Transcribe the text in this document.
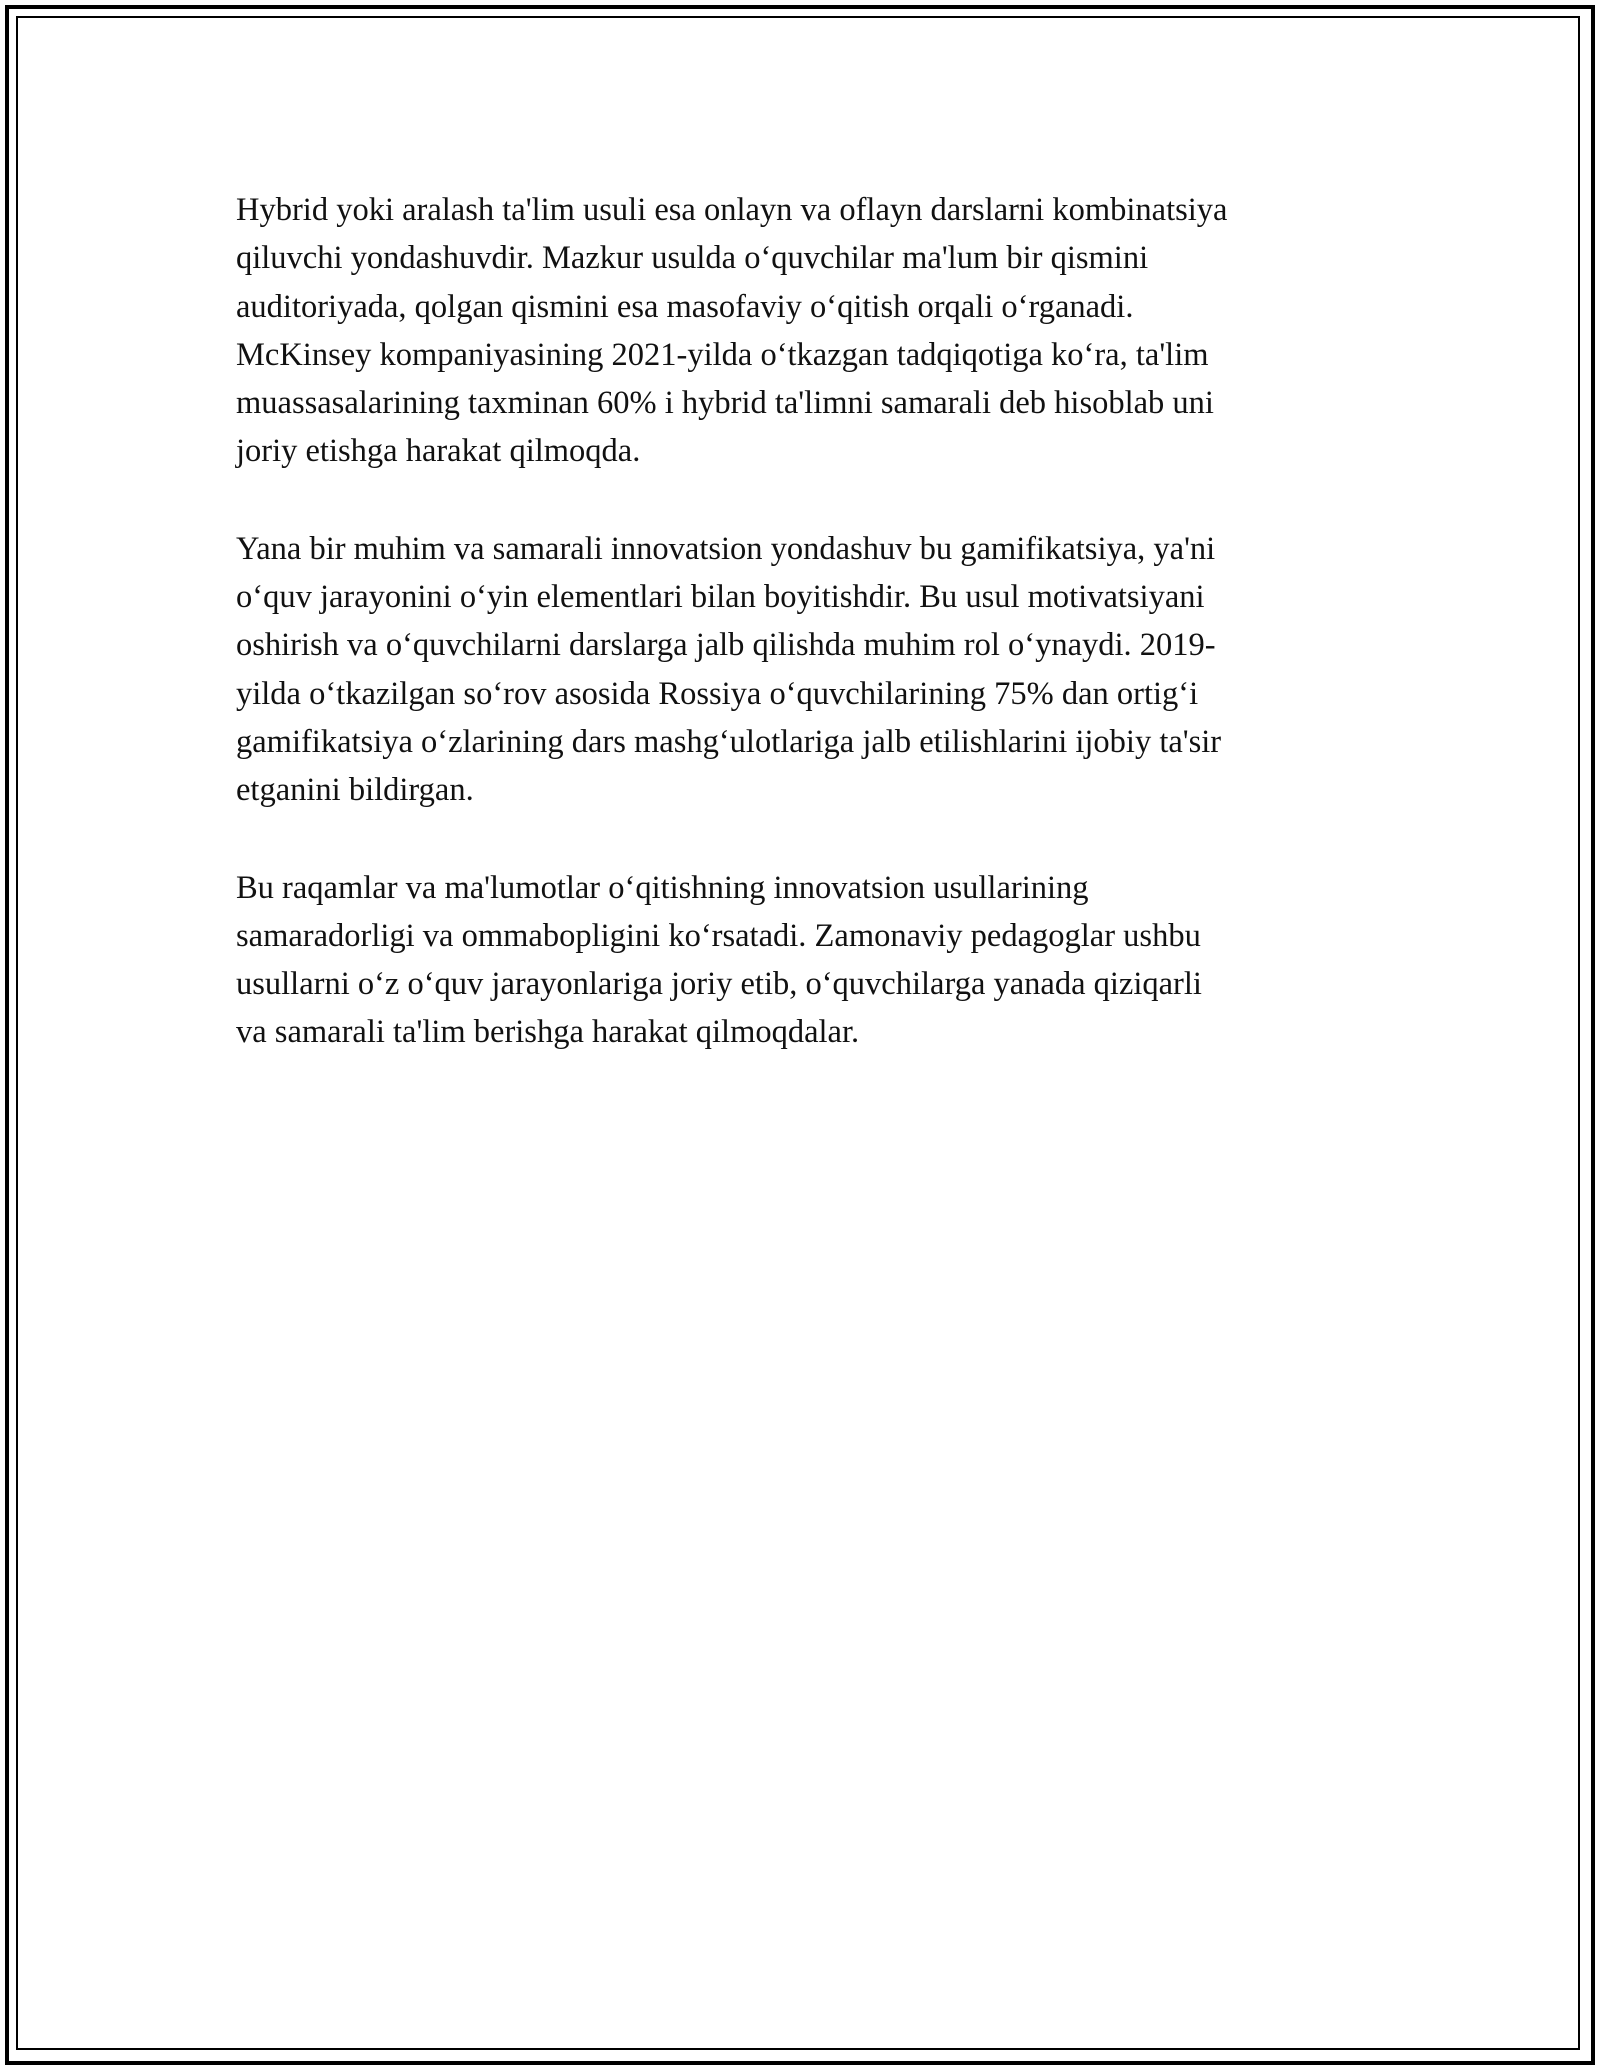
Hybrid yoki aralash ta'lim usuli esa onlayn va oflayn darslarni kombinatsiya
qiluvchi yondashuvdir. Mazkur usulda o‘quvchilar ma'lum bir qismini
auditoriyada, qolgan qismini esa masofaviy o‘qitish orqali o‘rganadi.
McKinsey kompaniyasining 2021-yilda o‘tkazgan tadqiqotiga ko‘ra, ta'lim
muassasalarining taxminan 60% i hybrid ta'limni samarali deb hisoblab uni
joriy etishga harakat qilmoqda.

Yana bir muhim va samarali innovatsion yondashuv bu gamifikatsiya, ya'ni
o‘quv jarayonini o‘yin elementlari bilan boyitishdir. Bu usul motivatsiyani
oshirish va o‘quvchilarni darslarga jalb qilishda muhim rol o‘ynaydi. 2019-
yilda o‘tkazilgan so‘rov asosida Rossiya o‘quvchilarining 75% dan ortig‘i
gamifikatsiya o‘zlarining dars mashg‘ulotlariga jalb etilishlarini ijobiy ta'sir
etganini bildirgan.

Bu raqamlar va ma'lumotlar o‘qitishning innovatsion usullarining
samaradorligi va ommabopligini ko‘rsatadi. Zamonaviy pedagoglar ushbu
usullarni o‘z o‘quv jarayonlariga joriy etib, o‘quvchilarga yanada qiziqarli
va samarali ta'lim berishga harakat qilmoqdalar.
